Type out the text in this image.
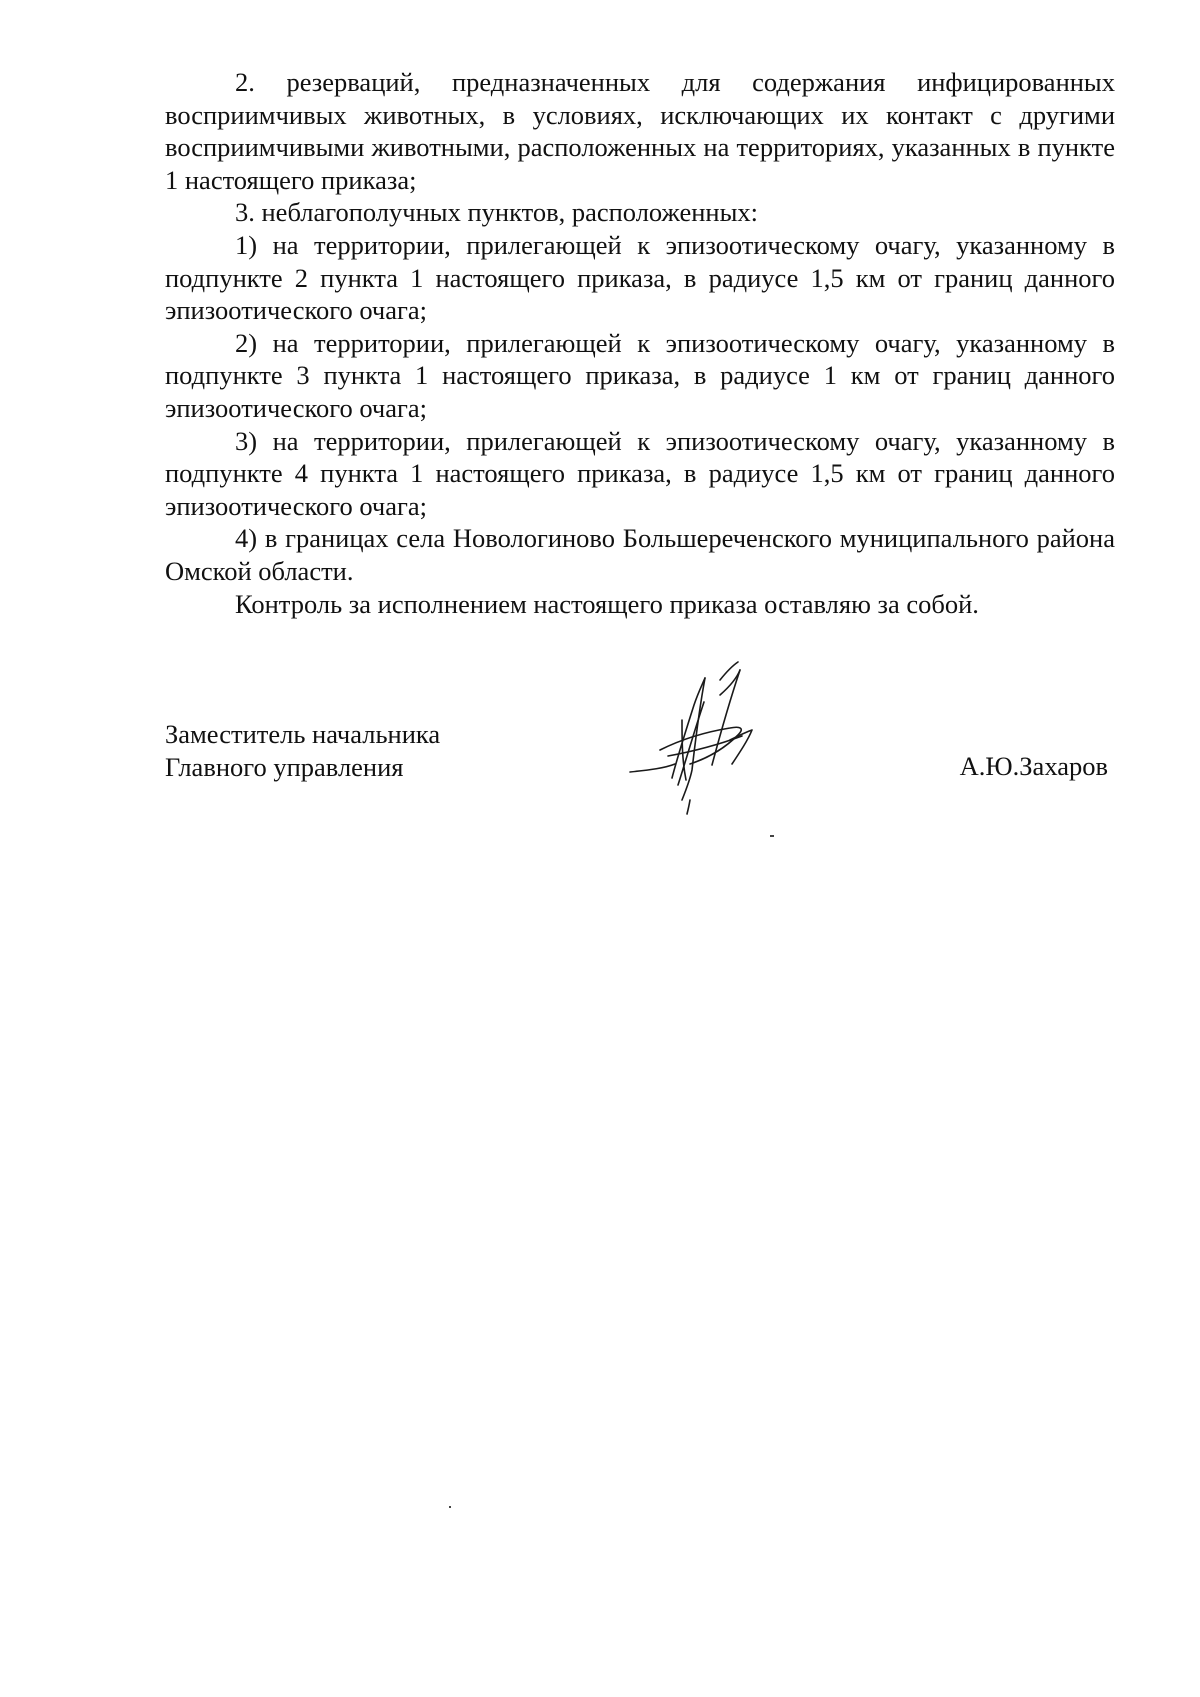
2. резерваций, предназначенных для содержания инфицированных восприимчивых животных, в условиях, исключающих их контакт с другими восприимчивыми животными, расположенных на территориях, указанных в пункте 1 настоящего приказа;

3. неблагополучных пунктов, расположенных:

1) на территории, прилегающей к эпизоотическому очагу, указанному в подпункте 2 пункта 1 настоящего приказа, в радиусе 1,5 км от границ данного эпизоотического очага;

2) на территории, прилегающей к эпизоотическому очагу, указанному в подпункте 3 пункта 1 настоящего приказа, в радиусе 1 км от границ данного эпизоотического очага;

3) на территории, прилегающей к эпизоотическому очагу, указанному в подпункте 4 пункта 1 настоящего приказа, в радиусе 1,5 км от границ данного эпизоотического очага;

4) в границах села Новологиново Большереченского муниципального района Омской области.

Контроль за исполнением настоящего приказа оставляю за собой.

Заместитель начальника
Главного управления	А.Ю.Захаров
